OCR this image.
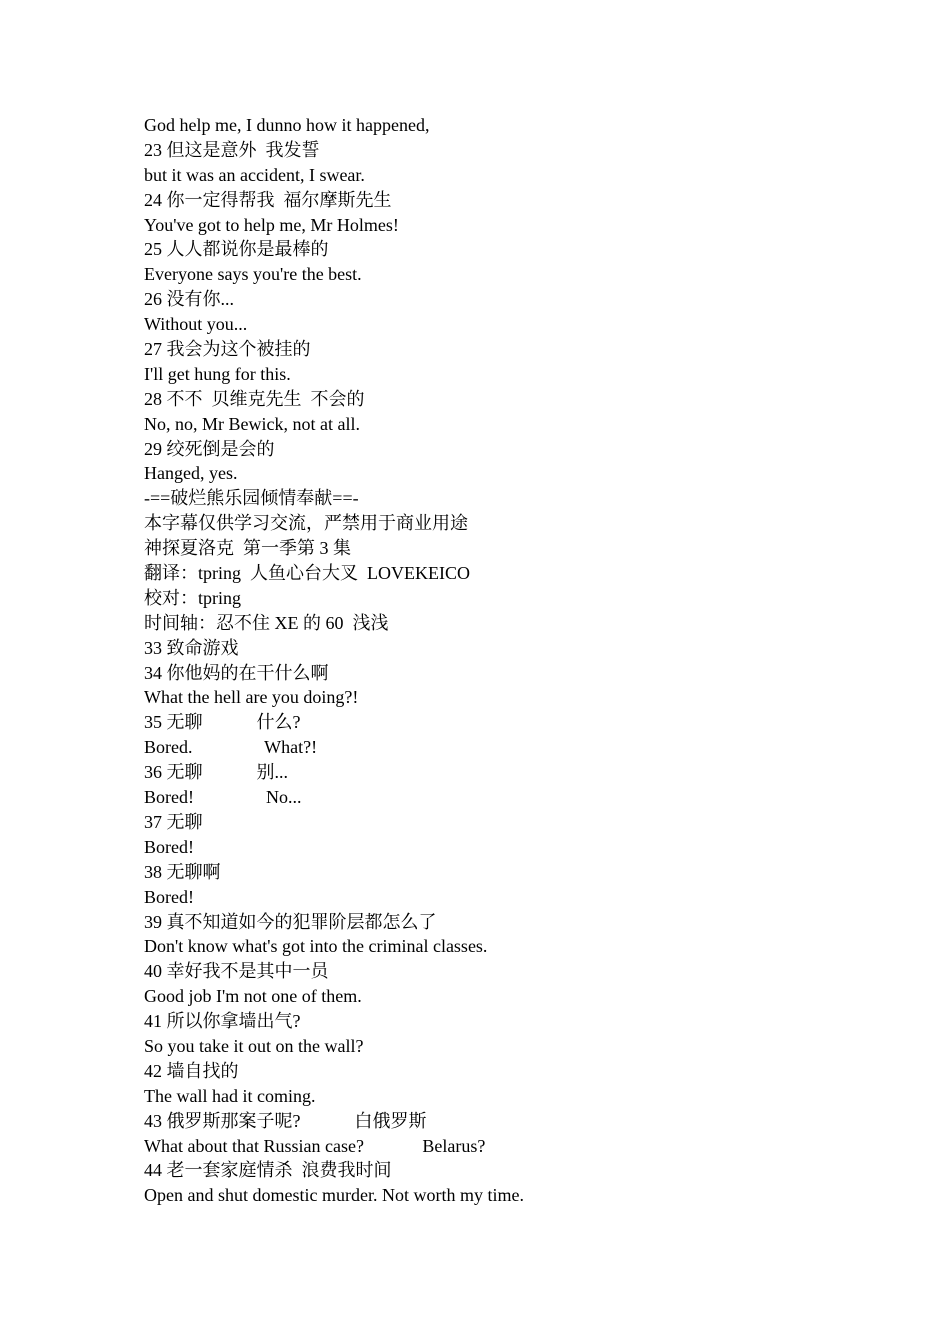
God help me, I dunno how it happened,
23 但这是意外  我发誓
but it was an accident, I swear.
24 你一定得帮我  福尔摩斯先生
You've got to help me, Mr Holmes!
25 人人都说你是最棒的
Everyone says you're the best.
26 没有你...
Without you...
27 我会为这个被挂的
I'll get hung for this.
28 不不  贝维克先生  不会的
No, no, Mr Bewick, not at all.
29 绞死倒是会的
Hanged, yes.
-==破烂熊乐园倾情奉献==-
本字幕仅供学习交流，严禁用于商业用途
神探夏洛克  第一季第 3 集
翻译：tpring  人鱼心台大叉  LOVEKEICO
校对：tpring
时间轴：忍不住 XE 的 60  浅浅
33 致命游戏
34 你他妈的在干什么啊
What the hell are you doing?!
35 无聊            什么?
Bored.                What?!
36 无聊            别...
Bored!                No...
37 无聊
Bored!
38 无聊啊
Bored!
39 真不知道如今的犯罪阶层都怎么了
Don't know what's got into the criminal classes.
40 幸好我不是其中一员
Good job I'm not one of them.
41 所以你拿墙出气?
So you take it out on the wall?
42 墙自找的
The wall had it coming.
43 俄罗斯那案子呢?            白俄罗斯
What about that Russian case?             Belarus?
44 老一套家庭情杀  浪费我时间
Open and shut domestic murder. Not worth my time.
